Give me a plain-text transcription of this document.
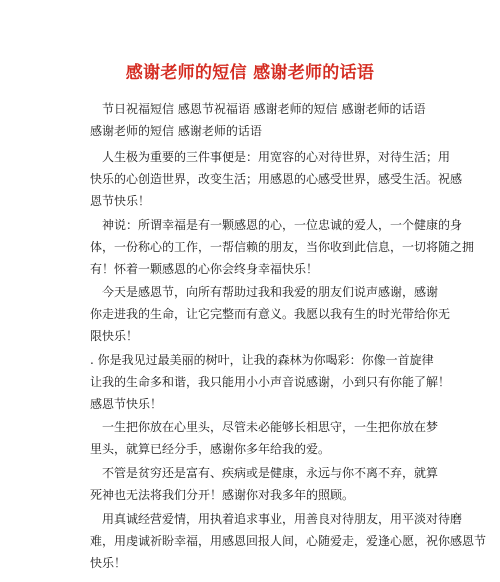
感谢老师的短信 感谢老师的话语
节日祝福短信 感恩节祝福语 感谢老师的短信 感谢老师的话语
感谢老师的短信 感谢老师的话语
人生极为重要的三件事便是：用宽容的心对待世界，对待生活；用
快乐的心创造世界，改变生活；用感恩的心感受世界，感受生活。祝感
恩节快乐！
神说：所谓幸福是有一颗感恩的心，一位忠诚的爱人，一个健康的身
体，一份称心的工作，一帮信赖的朋友，当你收到此信息，一切将随之拥
有！怀着一颗感恩的心你会终身幸福快乐！
今天是感恩节，向所有帮助过我和我爱的朋友们说声感谢，感谢
你走进我的生命，让它完整而有意义。我愿以我有生的时光带给你无
限快乐！
. 你是我见过最美丽的树叶，让我的森林为你喝彩：你像一首旋律
让我的生命多和谐，我只能用小小声音说感谢，小到只有你能了解！
感恩节快乐！
一生把你放在心里头，尽管未必能够长相思守，一生把你放在梦
里头，就算已经分手，感谢你多年给我的爱。
不管是贫穷还是富有、疾病或是健康，永远与你不离不弃，就算
死神也无法将我们分开！感谢你对我多年的照顾。
用真诚经营爱情，用执着追求事业，用善良对待朋友，用平淡对待磨
难，用虔诚祈盼幸福，用感恩回报人间，心随爱走，爱逢心愿，祝你感恩节
快乐！
